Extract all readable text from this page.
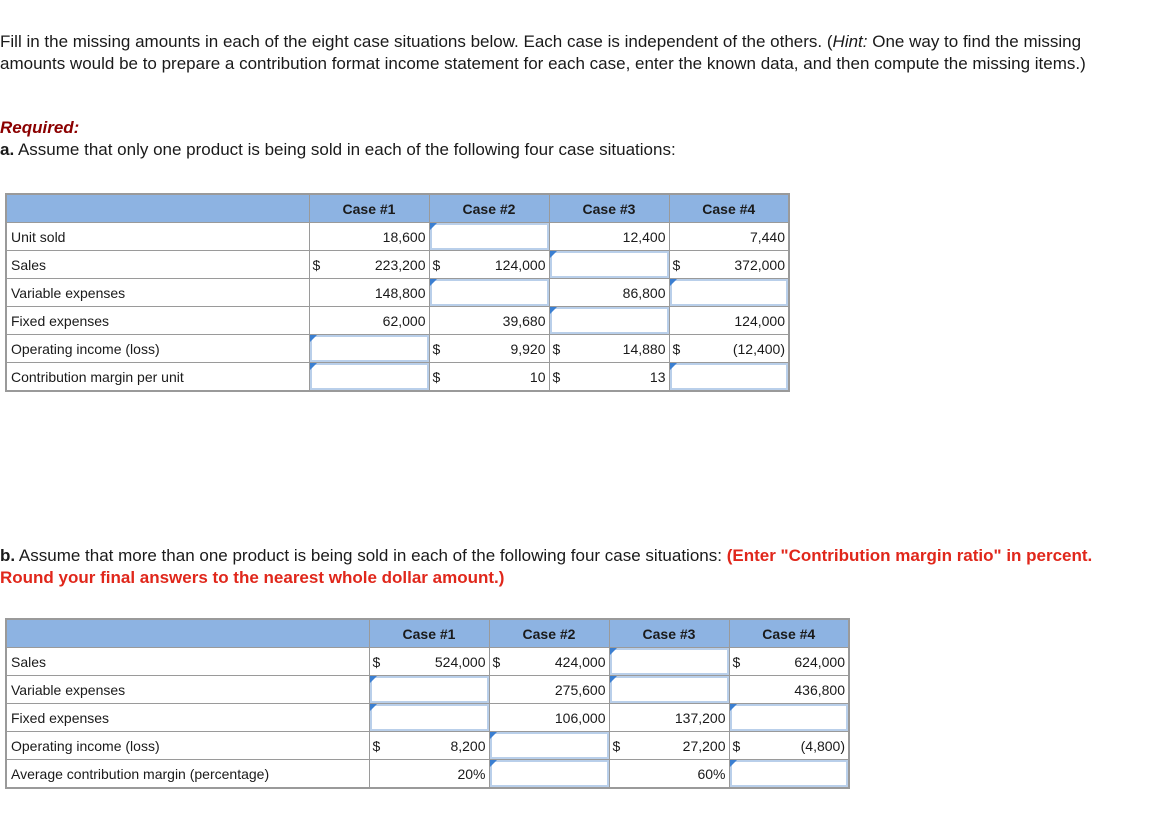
Fill in the missing amounts in each of the eight case situations below. Each case is independent of the others. (Hint: One way to find the missing amounts would be to prepare a contribution format income statement for each case, enter the known data, and then compute the missing items.)
Required:
a. Assume that only one product is being sold in each of the following four case situations:
	Case #1		Case #2		Case #3		Case #4	
Unit sold		18,600				12,400		7,440
Sales	$	223,200	$	124,000			$	372,000
Variable expenses		148,800				86,800		
Fixed expenses		62,000		39,680				124,000
Operating income (loss)			$	9,920	$	14,880	$	(12,400)
Contribution margin per unit			$	10	$	13		
b. Assume that more than one product is being sold in each of the following four case situations: (Enter "Contribution margin ratio" in percent. Round your final answers to the nearest whole dollar amount.)
	Case #1		Case #2		Case #3		Case #4	
Sales	$	524,000	$	424,000			$	624,000
Variable expenses				275,600				436,800
Fixed expenses				106,000		137,200		
Operating income (loss)	$	8,200			$	27,200	$	(4,800)
Average contribution margin (percentage)		20%				60%		
